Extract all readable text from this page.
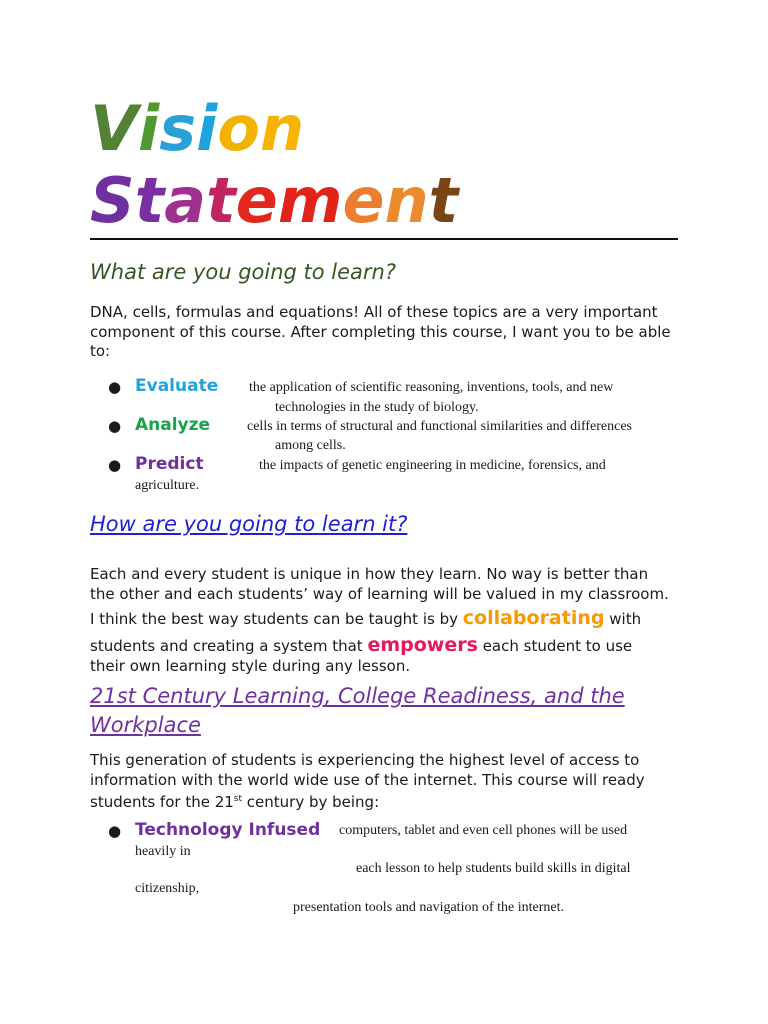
Vision
Statement
What are you going to learn?

DNA, cells, formulas and equations! All of these topics are a very important component of this course. After completing this course, I want you to be able to:

● Evaluate the application of scientific reasoning, inventions, tools, and new
technologies in the study of biology.
● Analyze	cells in terms of structural and functional similarities and differences
among cells.
● Predict	the impacts of genetic engineering in medicine, forensics, and
agriculture.
How are you going to learn it?
Each and every student is unique in how they learn. No way is better than
the other and each students’ way of learning will be valued in my classroom.
I think the best way students can be taught is by collaborating with
students and creating a system that empowers each student to use
their own learning style during any lesson.
21st Century Learning, College Readiness, and the
Workplace
This generation of students is experiencing the highest level of access to
information with the world wide use of the internet. This course will ready
students for the 21st century by being:
● Technology Infused computers, tablet and even cell phones will be used
heavily in
each lesson to help students build skills in digital
citizenship,
presentation tools and navigation of the internet.
